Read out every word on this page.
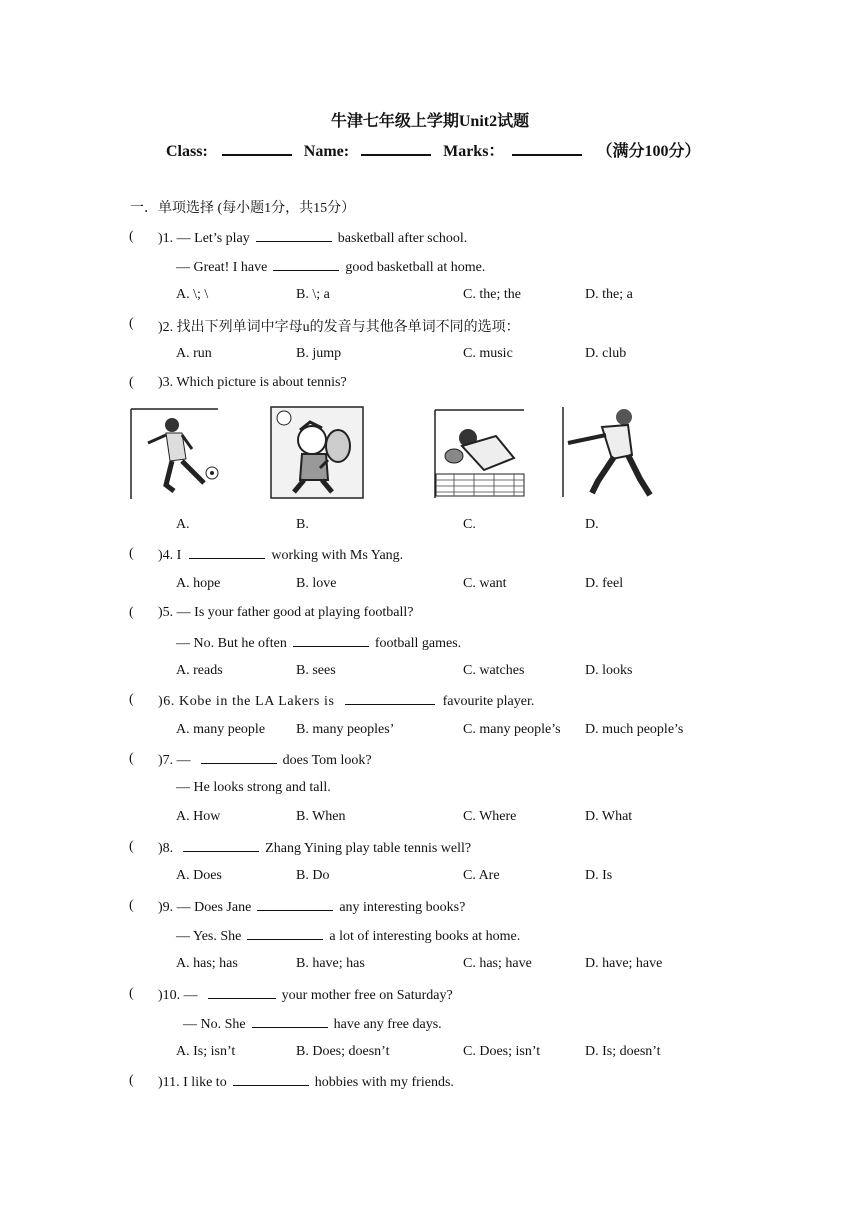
牛津七年级上学期Unit2试题
Class:	Name:	Marks：	（满分100分）
一．单项选择 (每小题1分，共15分）
( )1. — Let’s play	basketball after school.
— Great! I have	good basketball at home.
A. \; \	B. \; a	C. the; the	D. the; a
( )2. 找出下列单词中字母u的发音与其他各单词不同的选项：
A. run	B. jump	C. music	D. club
( )3. Which picture is about tennis?
A.	B.	C.	D.
( )4. I	working with Ms Yang.
A. hope	B. love	C. want	D. feel
( )5. — Is your father good at playing football?
— No. But he often	football games.
A. reads	B. sees	C. watches	D. looks
( )6. Kobe in the LA Lakers is	favourite player.
A. many people B. many peoples’	C. many people’s D. much people’s
( )7. —	does Tom look?
— He looks strong and tall.
A. How	B. When	C. Where	D. What
( )8.	Zhang Yining play table tennis well?
A. Does	B. Do	C. Are	D. Is
( )9. — Does Jane	any interesting books?
— Yes. She	a lot of interesting books at home.
A. has; has	B. have; has	C. has; have	D. have; have
( )10. —	your mother free on Saturday?
— No. She	have any free days.
A. Is; isn’t	B. Does; doesn’t	C. Does; isn’t	D. Is; doesn’t
( )11. I like to	hobbies with my friends.
